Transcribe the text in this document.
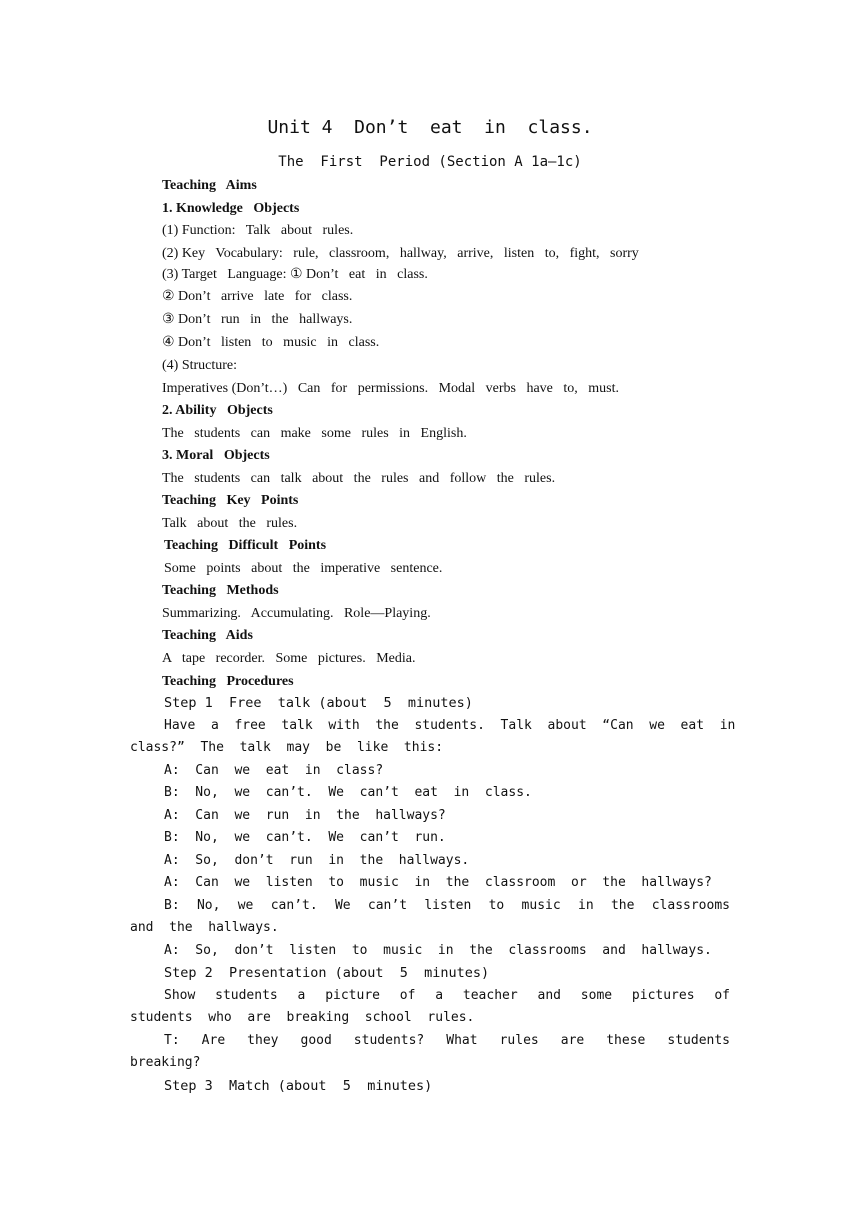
Unit 4  Don’t  eat  in  class.
The  First  Period (Section A 1a—1c)
Teaching   Aims
1. Knowledge   Objects
(1) Function:   Talk   about   rules.
(2) Key   Vocabulary:   rule,   classroom,   hallway,   arrive,   listen   to,   fight,   sorry
(3) Target   Language: ① Don’t   eat   in   class.
② Don’t   arrive   late   for   class.
③ Don’t   run   in   the   hallways.
④ Don’t   listen   to   music   in   class.
(4) Structure:
Imperatives (Don’t…)   Can   for   permissions.   Modal   verbs   have   to,   must.
2. Ability   Objects
The   students   can   make   some   rules   in   English.
3. Moral   Objects
The   students   can   talk   about   the   rules   and   follow   the   rules.
Teaching   Key   Points
Talk   about   the   rules.
Teaching   Difficult   Points
Some   points   about   the   imperative   sentence.
Teaching   Methods
Summarizing.   Accumulating.   Role—Playing.
Teaching   Aids
A   tape   recorder.   Some   pictures.   Media.
Teaching   Procedures
Step 1  Free  talk (about  5  minutes)
Have  a  free  talk  with  the  students.  Talk  about  “Can  we  eat  in
class?”  The  talk  may  be  like  this:
A:  Can  we  eat  in  class?
B:  No,  we  can’t.  We  can’t  eat  in  class.
A:  Can  we  run  in  the  hallways?
B:  No,  we  can’t.  We  can’t  run.
A:  So,  don’t  run  in  the  hallways.
A:  Can  we  listen  to  music  in  the  classroom  or  the  hallways?
B:  No,  we  can’t.  We  can’t  listen  to  music  in  the  classrooms
and  the  hallways.
A:  So,  don’t  listen  to  music  in  the  classrooms  and  hallways.
Step 2  Presentation (about  5  minutes)
Show  students  a  picture  of  a  teacher  and  some  pictures  of
students  who  are  breaking  school  rules.
T:  Are  they  good  students?  What  rules  are  these  students
breaking?
Step 3  Match (about  5  minutes)
